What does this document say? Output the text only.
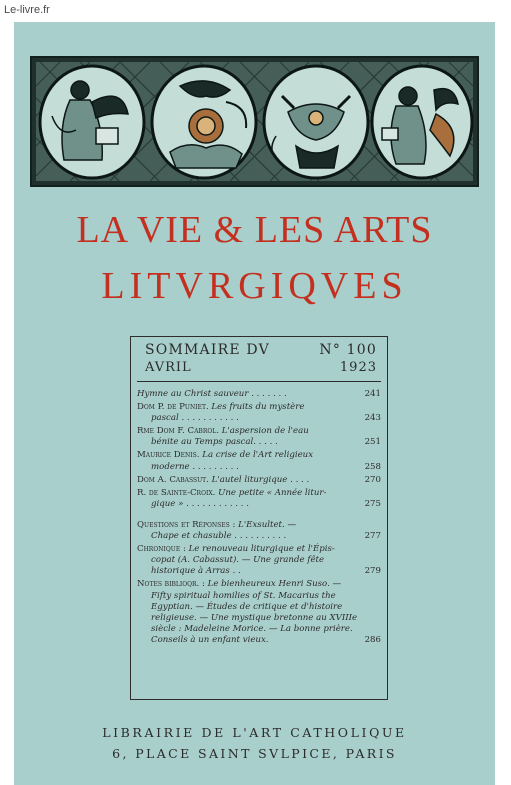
Le-livre.fr
LA VIE & LES ARTS
LITVRGIQVES
SOMMAIRE DV	N° 100
AVRIL	1923
Hymne au Christ sauveur . . . . . . .	241
Dom P. de Puniet. Les fruits du mystère
pascal . . . . . . . . . . .	243
Rme Dom F. Cabrol. L'aspersion de l'eau
bénite au Temps pascal. . . . .	251
Maurice Denis. La crise de l'Art religieux
moderne . . . . . . . . .	258
Dom A. Cabassut. L'autel liturgique . . . .	270
R. de Sainte-Croix. Une petite « Année litur-
gique » . . . . . . . . . . . .	275
Questions et Réponses : L'Exsultet. —
Chape et chasuble . . . . . . . . . .	277
Chronique : Le renouveau liturgique et l'Épis-
copat (A. Cabassut). — Une grande fête historique à Arras . .	279
Notes biblioqr. : Le bienheureux Henri Suso. —
Fifty spiritual homilies of St. Macarius the Egyptian. — Études de critique et d'histoire religieuse. — Une mystique bretonne au XVIIIe siècle : Madeleine Morice. — La bonne prière. Conseils à un enfant vieux.	286
LIBRAIRIE DE L'ART CATHOLIQUE
6, PLACE SAINT SVLPICE, PARIS
